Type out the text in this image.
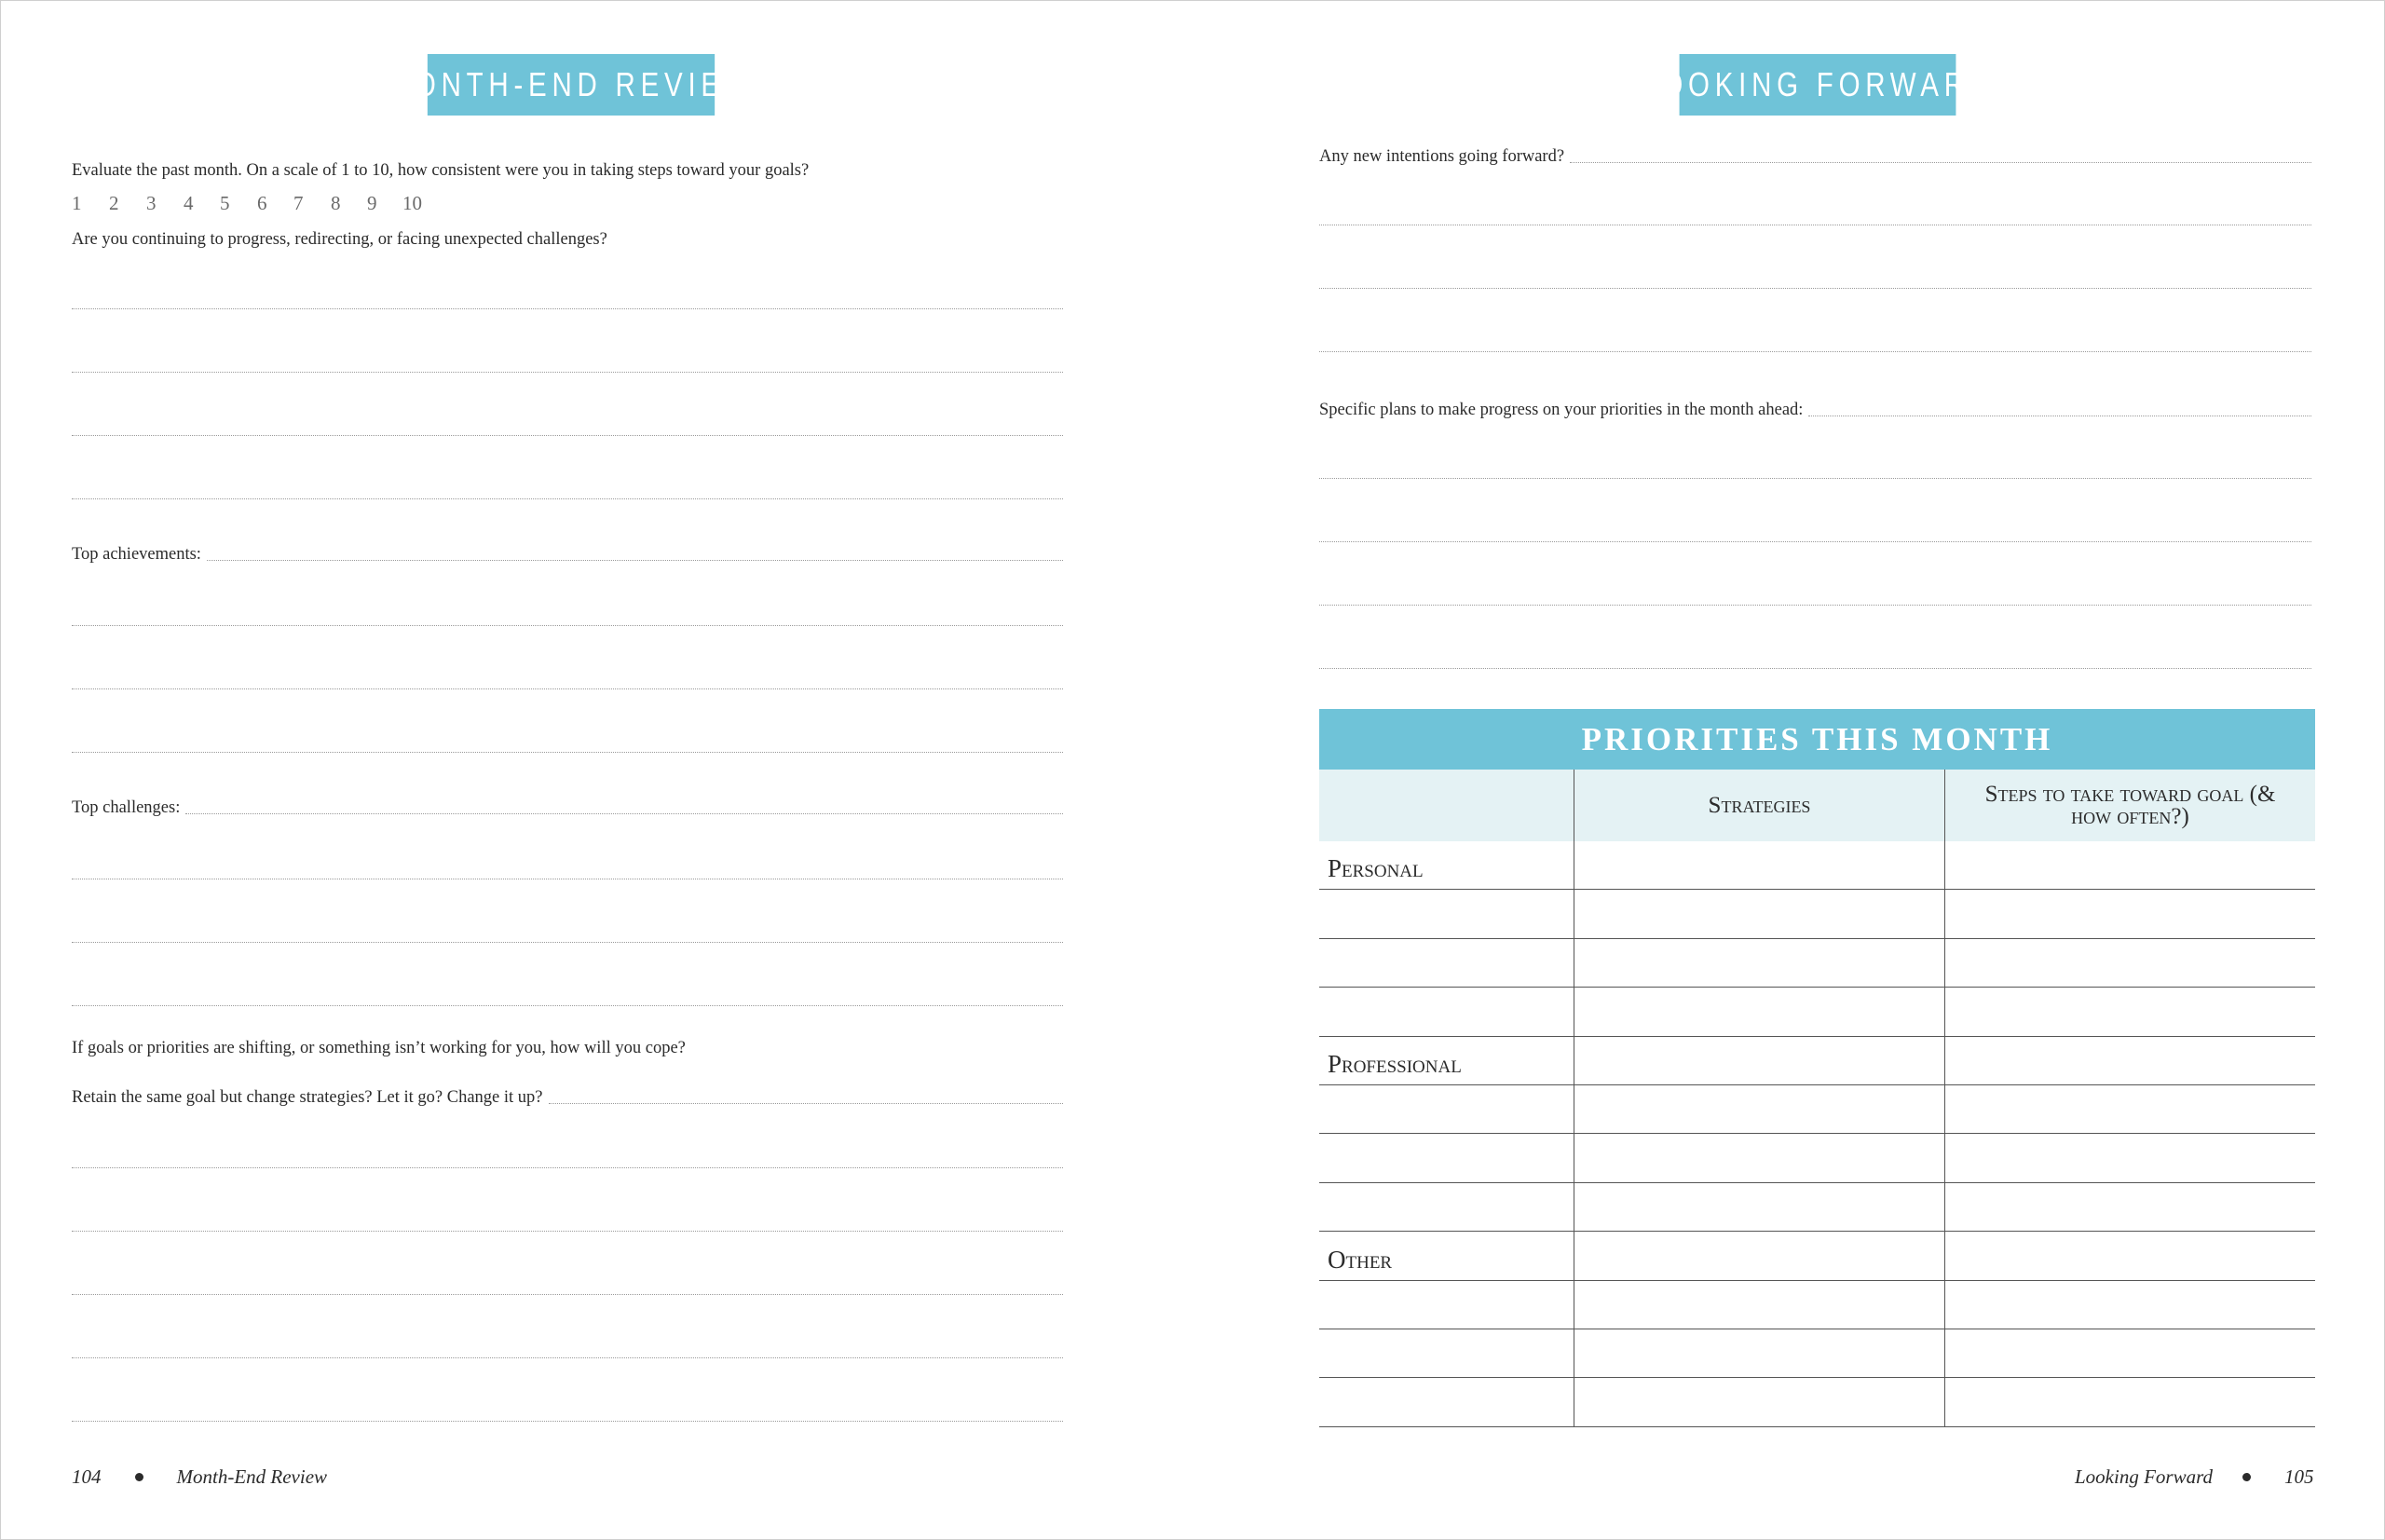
MONTH-END REVIEW
Evaluate the past month. On a scale of 1 to 10, how consistent were you in taking steps toward your goals?
1	2	3	4	5	6	7	8	9	10
Are you continuing to progress, redirecting, or facing unexpected challenges?
Top achievements:
Top challenges:
If goals or priorities are shifting, or something isn’t working for you, how will you cope?
Retain the same goal but change strategies? Let it go? Change it up?
104	Month-End Review
LOOKING FORWARD
Any new intentions going forward?
Specific plans to make progress on your priorities in the month ahead:
PRIORITIES THIS MONTH
Strategies	Steps to take toward goal (& how often?)
Personal
Professional
Other
Looking Forward	105
